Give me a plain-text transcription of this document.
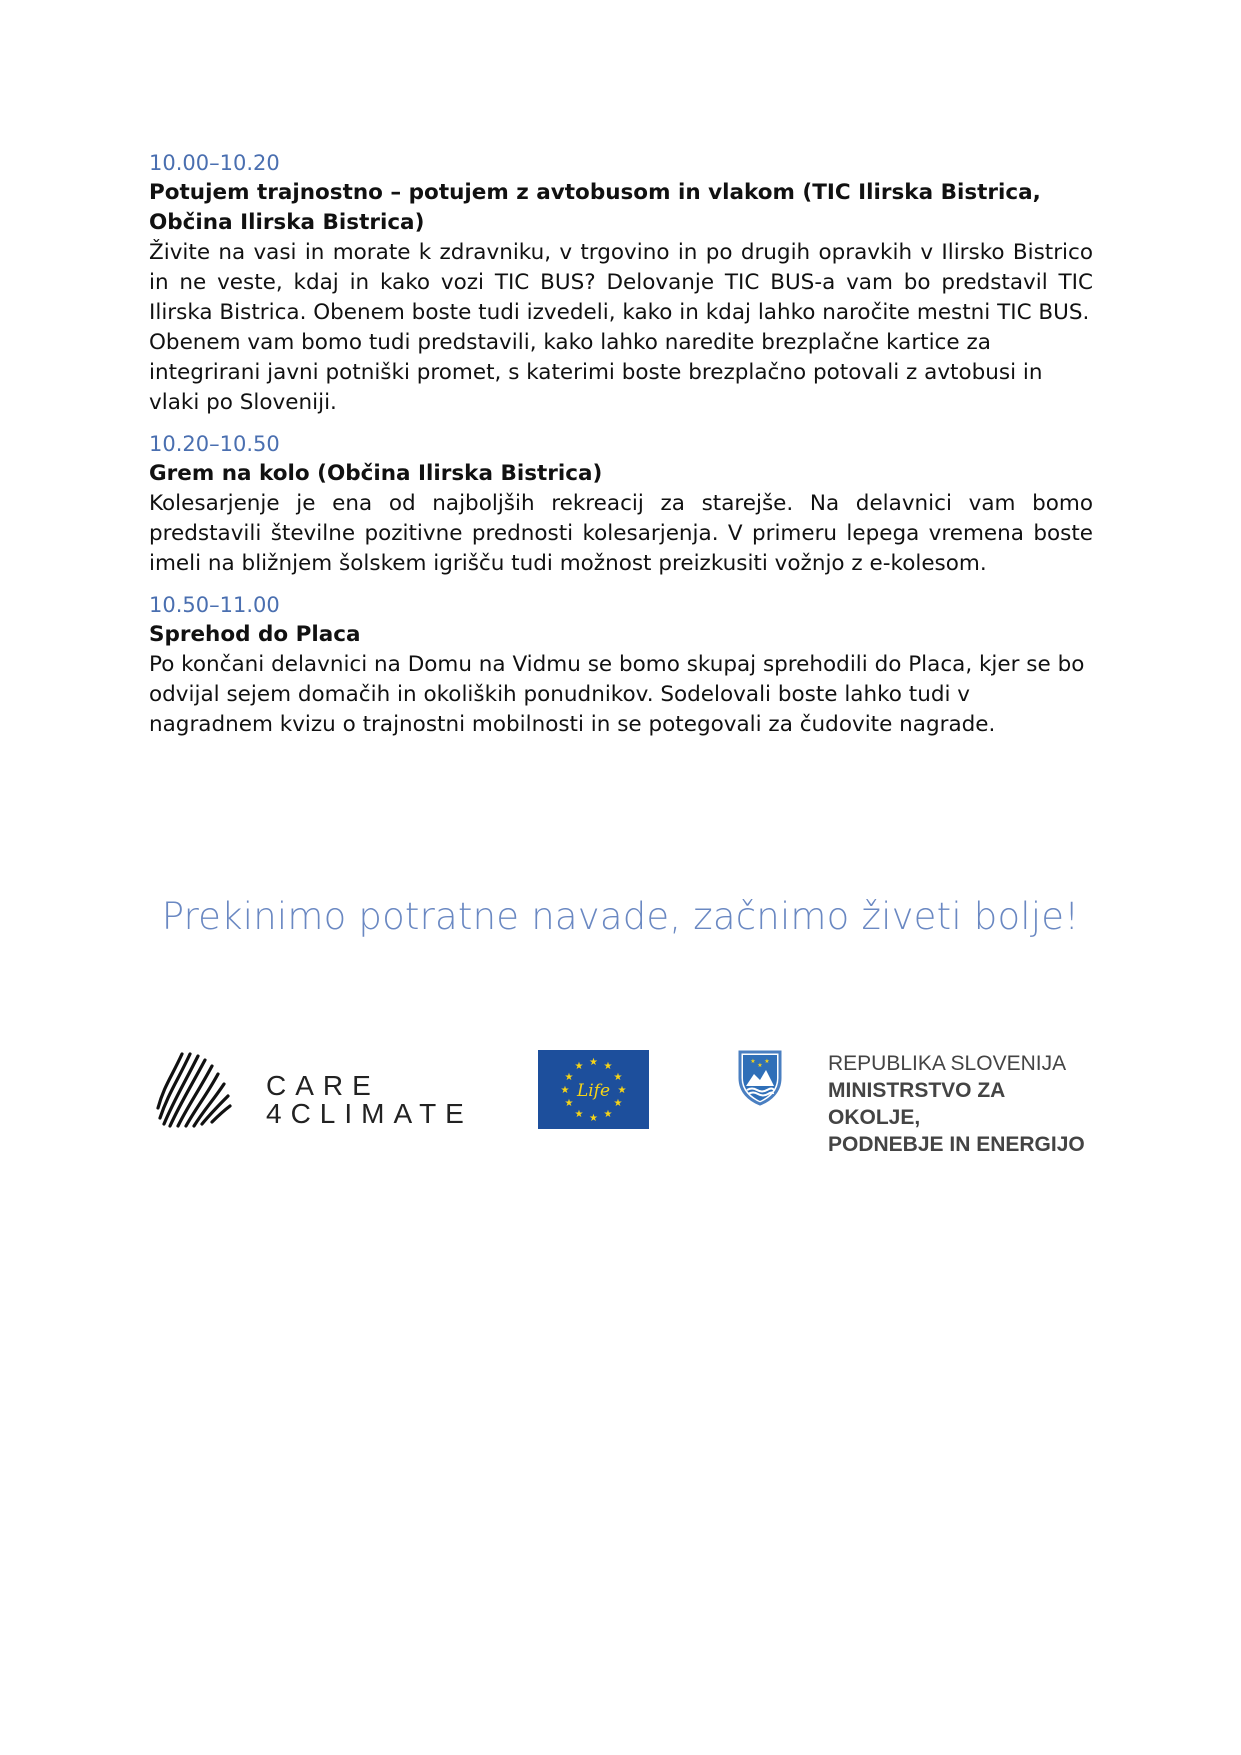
10.00–10.20
Potujem trajnostno – potujem z avtobusom in vlakom (TIC Ilirska Bistrica, Občina Ilirska Bistrica)

Živite na vasi in morate k zdravniku, v trgovino in po drugih opravkih v Ilirsko Bistrico in ne veste, kdaj in kako vozi TIC BUS? Delovanje TIC BUS-a vam bo predstavil TIC Ilirska Bistrica. Obenem boste tudi izvedeli, kako in kdaj lahko naročite mestni TIC BUS.

Obenem vam bomo tudi predstavili, kako lahko naredite brezplačne kartice za integrirani javni potniški promet, s katerimi boste brezplačno potovali z avtobusi in vlaki po Sloveniji.

10.20–10.50
Grem na kolo (Občina Ilirska Bistrica)

Kolesarjenje je ena od najboljših rekreacij za starejše. Na delavnici vam bomo predstavili številne pozitivne prednosti kolesarjenja. V primeru lepega vremena boste imeli na bližnjem šolskem igrišču tudi možnost preizkusiti vožnjo z e-kolesom.

10.50–11.00
Sprehod do Placa

Po končani delavnici na Domu na Vidmu se bomo skupaj sprehodili do Placa, kjer se bo odvijal sejem domačih in okoliških ponudnikov. Sodelovali boste lahko tudi v nagradnem kvizu o trajnostni mobilnosti in se potegovali za čudovite nagrade.

Prekinimo potratne navade, začnimo živeti bolje!
CARE
4CLIMATE
★ ★
★
★
★
★
★
★
★
★
★
★
Life
★
★
★	REPUBLIKA SLOVENIJA
MINISTRSTVO ZA OKOLJE,
PODNEBJE IN ENERGIJO
